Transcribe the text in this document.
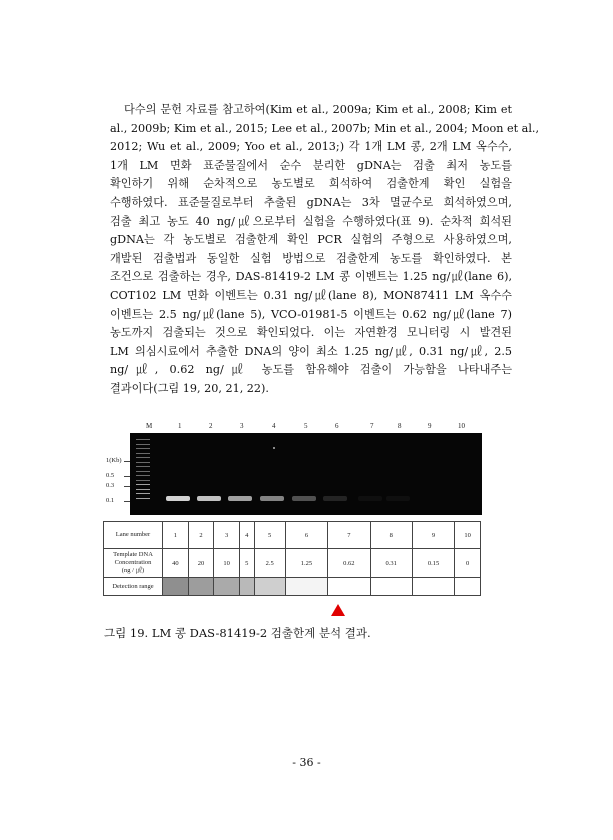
다수의 문헌 자료를 참고하여(Kim et al., 2009a; Kim et al., 2008; Kim et
al., 2009b; Kim et al., 2015; Lee et al., 2007b; Min et al., 2004; Moon et al.,
2012; Wu et al., 2009; Yoo et al., 2013;) 각 1개 LM 콩, 2개 LM 옥수수,
1개 LM 면화 표준물질에서 순수 분리한 gDNA는 검출 최저 농도를
확인하기 위해 순차적으로 농도별로 희석하여 검출한계 확인 실험을
수행하였다. 표준물질로부터 추출된 gDNA는 3차 멸균수로 희석하였으며,
검출 최고 농도 40 ng/㎕으로부터 실험을 수행하였다(표 9). 순차적 희석된
gDNA는 각 농도별로 검출한계 확인 PCR 실험의 주형으로 사용하였으며,
개발된 검출법과 동일한 실험 방법으로 검출한계 농도를 확인하였다. 본
조건으로 검출하는 경우, DAS-81419-2 LM 콩 이벤트는 1.25 ng/㎕(lane 6),
COT102 LM 면화 이벤트는 0.31 ng/㎕(lane 8), MON87411 LM 옥수수
이벤트는 2.5 ng/㎕(lane 5), VCO-01981-5 이벤트는 0.62 ng/㎕(lane 7)
농도까지 검출되는 것으로 확인되었다. 이는 자연환경 모니터링 시 발견된
LM 의심시료에서 추출한 DNA의 양이 최소 1.25 ng/㎕, 0.31 ng/㎕, 2.5
ng/㎕, 0.62 ng/㎕ 농도를 함유해야 검출이 가능함을 나타내주는
결과이다(그림 19, 20, 21, 22).
M	1	2	3	4	5	6	7	8	9	10
1(Kb)
0.5
0.3
0.1
Lane number	1	2	3	4	5	6	7	8	9	10

Template DNA
Concentration
(ng / ㎕)	40	20	10	5	2.5	1.25	0.62	0.31	0.15	0
Detection range										
그림 19. LM 콩 DAS-81419-2 검출한계 분석 결과.
- 36 -
